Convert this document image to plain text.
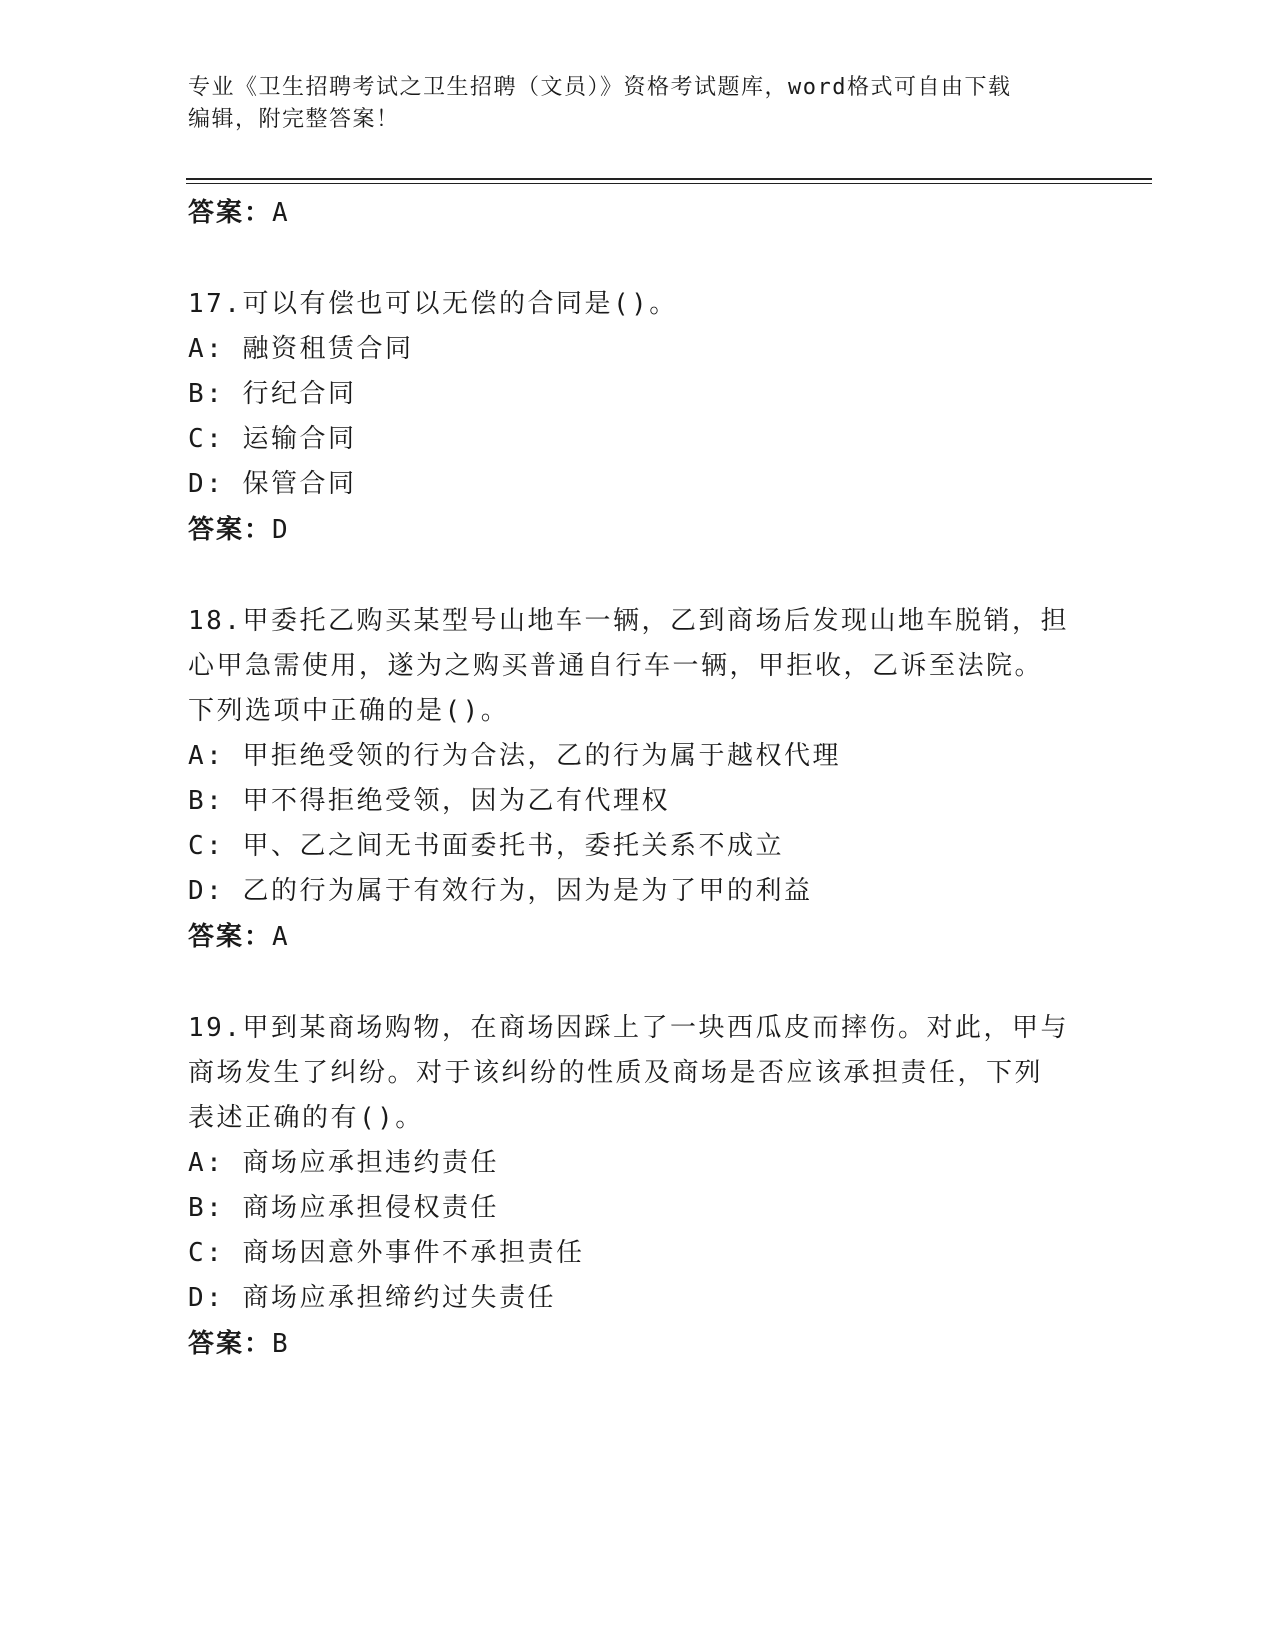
专业《卫生招聘考试之卫生招聘（文员）》资格考试题库，word格式可自由下载
编辑，附完整答案！
答案：A
17.可以有偿也可以无偿的合同是()。
A: 融资租赁合同
B: 行纪合同
C: 运输合同
D: 保管合同
答案：D
18.甲委托乙购买某型号山地车一辆，乙到商场后发现山地车脱销，担
心甲急需使用，遂为之购买普通自行车一辆，甲拒收，乙诉至法院。
下列选项中正确的是()。
A: 甲拒绝受领的行为合法，乙的行为属于越权代理
B: 甲不得拒绝受领，因为乙有代理权
C: 甲、乙之间无书面委托书，委托关系不成立
D: 乙的行为属于有效行为，因为是为了甲的利益
答案：A
19.甲到某商场购物，在商场因踩上了一块西瓜皮而摔伤。对此，甲与
商场发生了纠纷。对于该纠纷的性质及商场是否应该承担责任，下列
表述正确的有()。
A: 商场应承担违约责任
B: 商场应承担侵权责任
C: 商场因意外事件不承担责任
D: 商场应承担缔约过失责任
答案：B
